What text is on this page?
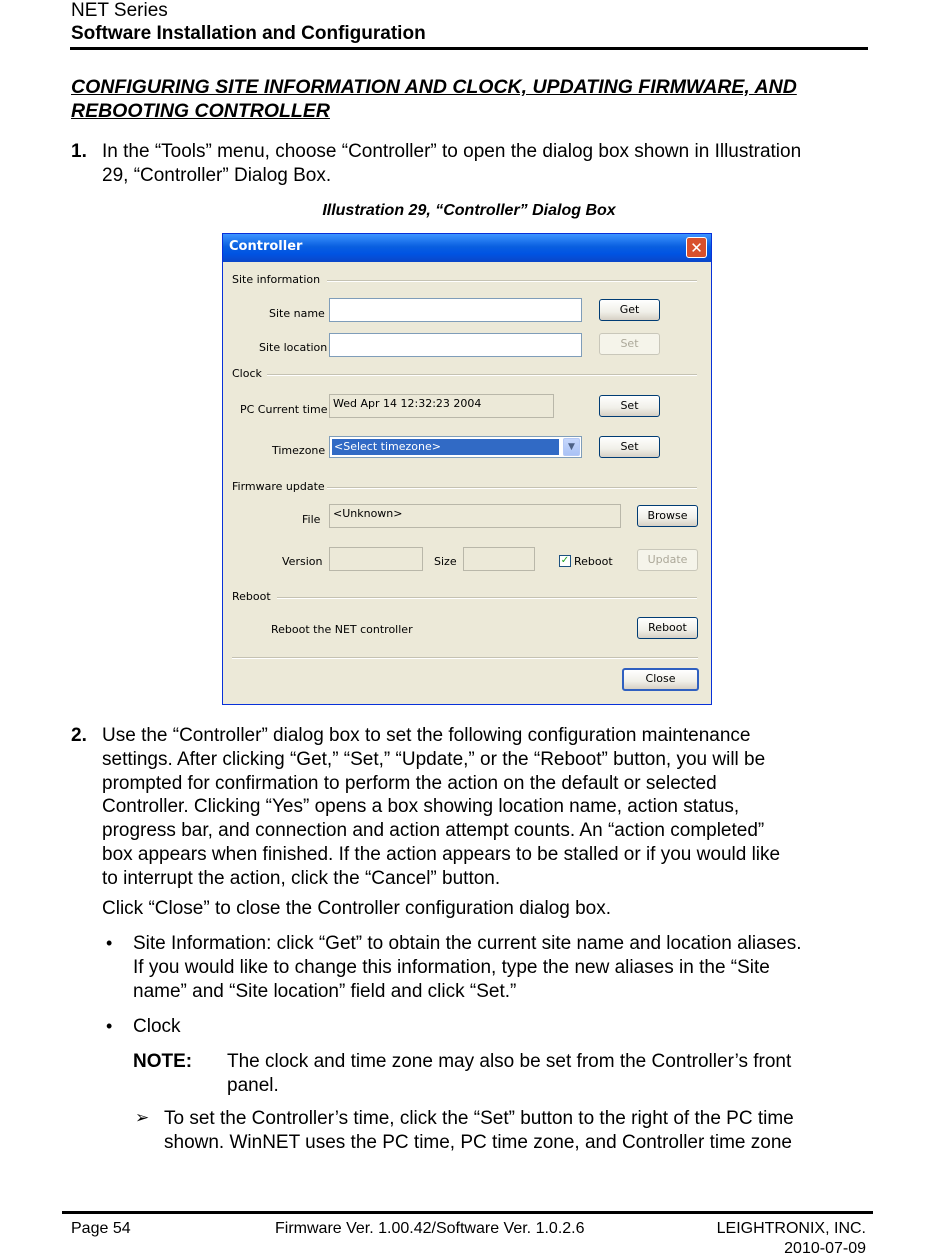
NET Series
Software Installation and Configuration
CONFIGURING SITE INFORMATION AND CLOCK, UPDATING FIRMWARE, AND REBOOTING CONTROLLER
1. In the “Tools” menu, choose “Controller” to open the dialog box shown in Illustration
29, “Controller” Dialog Box.
Illustration 29, “Controller” Dialog Box
Controller	✕
Site information
Site name	Get
Site location	Set
Clock
PC Current time Wed Apr 14 12:32:23 2004	Set
Timezone <Select timezone>	▼	Set
Firmware update
File	<Unknown>	Browse
Version	Size	✓ Reboot	Update
Reboot
Reboot the NET controller	Reboot
Close
2. Use the “Controller” dialog box to set the following configuration maintenance
settings. After clicking “Get,” “Set,” “Update,” or the “Reboot” button, you will be
prompted for confirmation to perform the action on the default or selected
Controller. Clicking “Yes” opens a box showing location name, action status,
progress bar, and connection and action attempt counts. An “action completed”
box appears when finished. If the action appears to be stalled or if you would like
to interrupt the action, click the “Cancel” button.
Click “Close” to close the Controller configuration dialog box.
• Site Information: click “Get” to obtain the current site name and location aliases.
If you would like to change this information, type the new aliases in the “Site
name” and “Site location” field and click “Set.”
• Clock
NOTE: The clock and time zone may also be set from the Controller’s front
panel.
➢ To set the Controller’s time, click the “Set” button to the right of the PC time
shown. WinNET uses the PC time, PC time zone, and Controller time zone
Page 54	Firmware Ver. 1.00.42/Software Ver. 1.0.2.6	LEIGHTRONIX, INC.
2010-07-09
